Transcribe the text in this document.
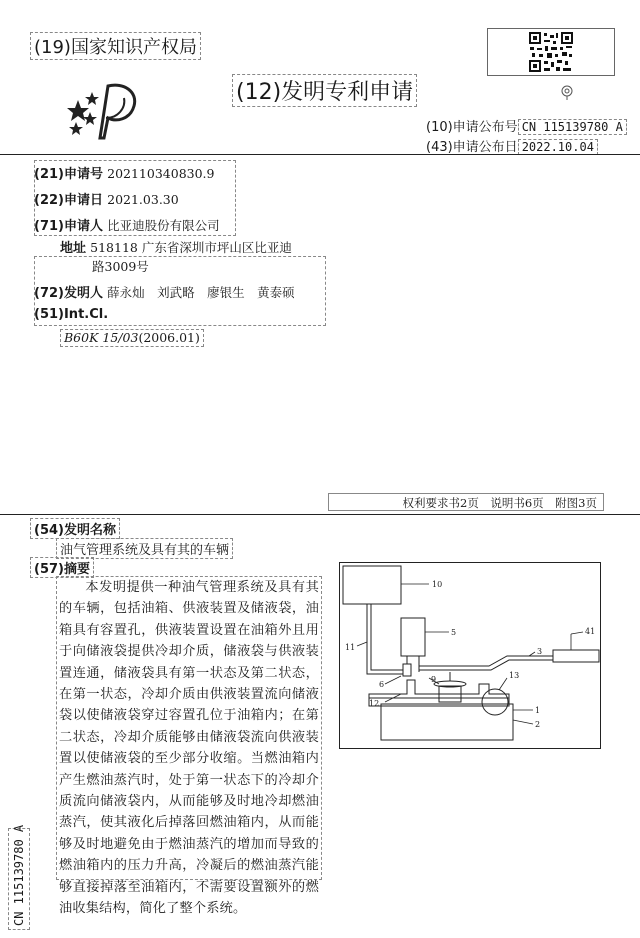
(19)国家知识产权局
(12)发明专利申请
(10)申请公布号 CN 115139780 A
(43)申请公布日 2022.10.04
(21)申请号 202110340830.9
(22)申请日 2021.03.30
(71)申请人 比亚迪股份有限公司
地址 518118 广东省深圳市坪山区比亚迪
路3009号
(72)发明人 薛永灿　刘武略　廖银生　黄泰硕
(51)Int.Cl.
B60K 15/03(2006.01)
权利要求书2页　说明书6页　附图3页
(54)发明名称
油气管理系统及具有其的车辆
(57)摘要

本发明提供一种油气管理系统及具有其的车辆，包括油箱、供液装置及储液袋，油箱具有容置孔，供液装置设置在油箱外且用于向储液袋提供冷却介质，储液袋与供液装置连通，储液袋具有第一状态及第二状态，在第一状态，冷却介质由供液装置流向储液袋以使储液袋穿过容置孔位于油箱内；在第二状态，冷却介质能够由储液袋流向供液装置以使储液袋的至少部分收缩。当燃油箱内产生燃油蒸汽时，处于第一状态下的冷却介质流向储液袋内，从而能够及时地冷却燃油蒸汽，使其液化后掉落回燃油箱内，从而能够及时地避免由于燃油蒸汽的增加而导致的燃油箱内的压力升高，冷凝后的燃油蒸汽能够直接掉落至油箱内，不需要设置额外的燃油收集结构，简化了整个系统。

CN 115139780 A
10
5	41
3
11
6
12
9	13
1
2
